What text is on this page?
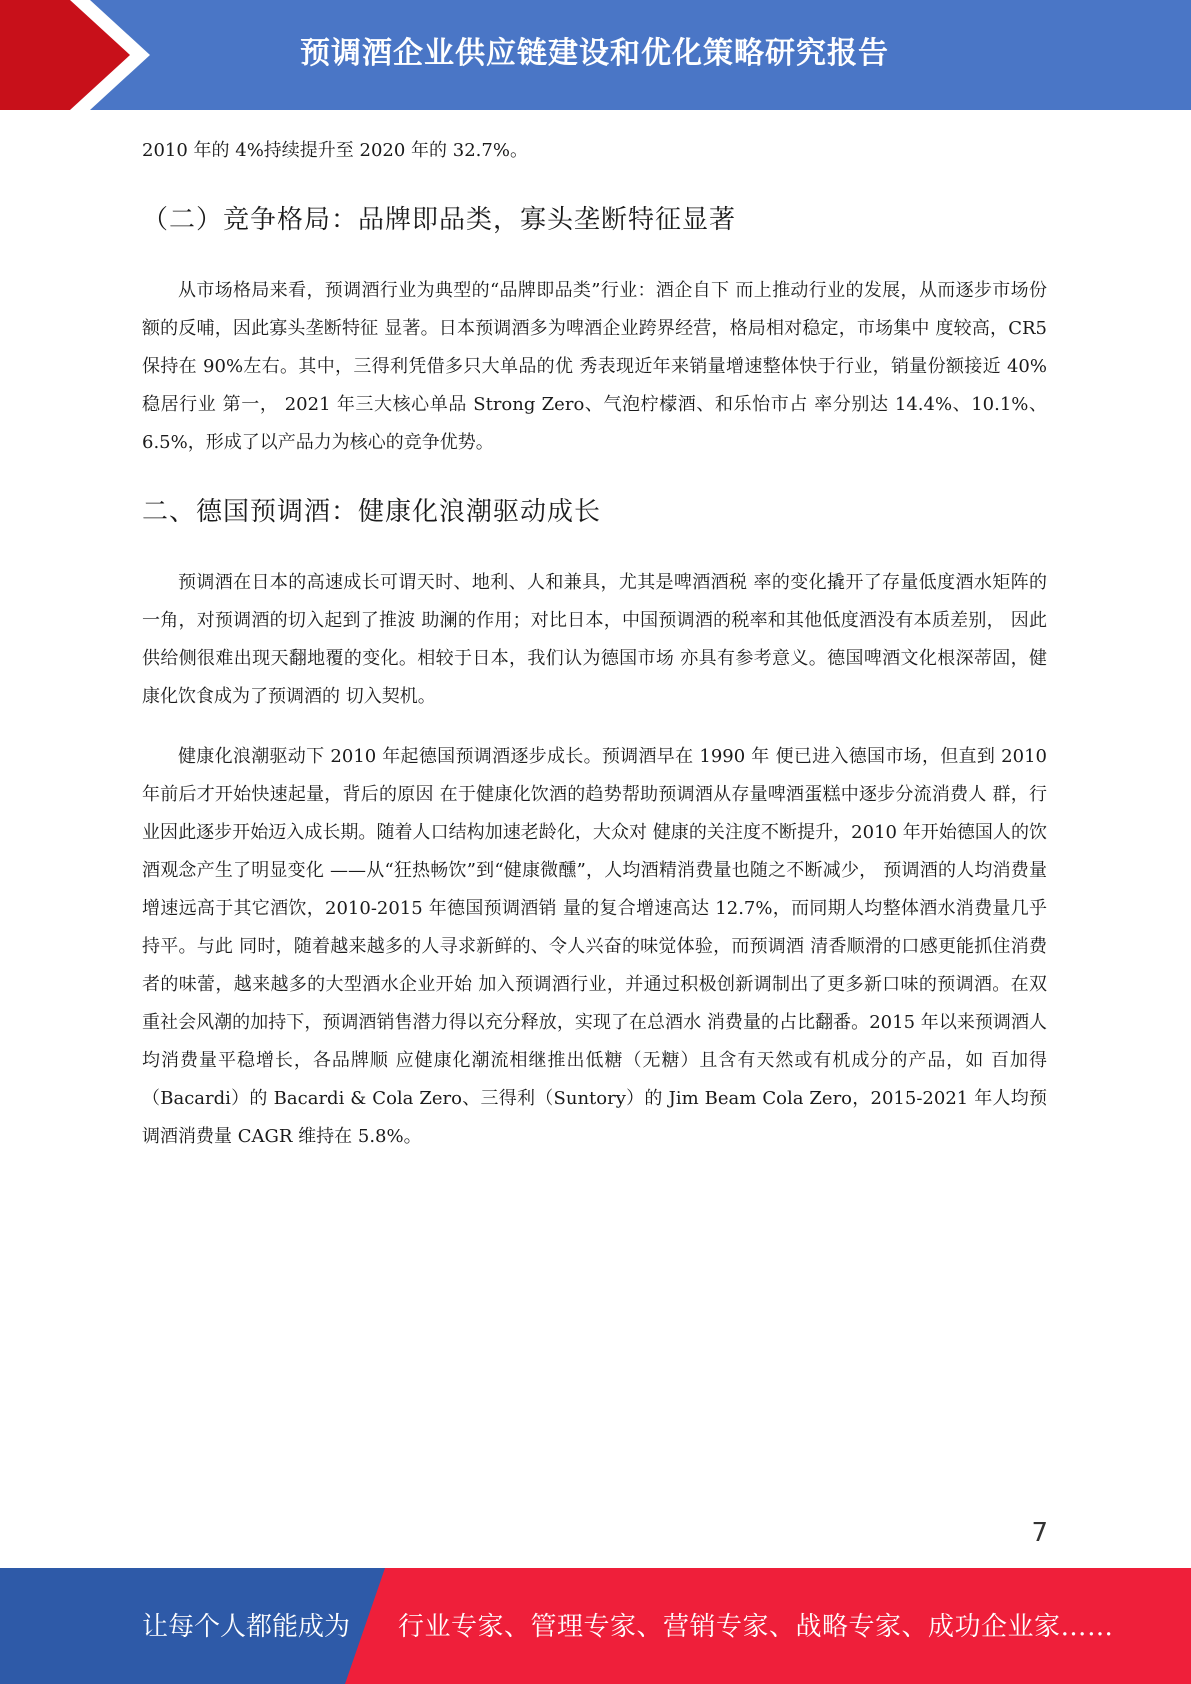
预调酒企业供应链建设和优化策略研究报告

2010 年的 4%持续提升至 2020 年的 32.7%。

（二）竞争格局：品牌即品类，寡头垄断特征显著

从市场格局来看，预调酒行业为典型的“品牌即品类”行业：酒企自下 而上推动行业的发展，从而逐步市场份额的反哺，因此寡头垄断特征 显著。日本预调酒多为啤酒企业跨界经营，格局相对稳定，市场集中 度较高，CR5 保持在 90%左右。其中，三得利凭借多只大单品的优 秀表现近年来销量增速整体快于行业，销量份额接近 40%稳居行业 第一， 2021 年三大核心单品 Strong Zero、气泡柠檬酒、和乐怡市占 率分别达 14.4%、10.1%、6.5%，形成了以产品力为核心的竞争优势。

二、德国预调酒：健康化浪潮驱动成长

预调酒在日本的高速成长可谓天时、地利、人和兼具，尤其是啤酒酒税 率的变化撬开了存量低度酒水矩阵的一角，对预调酒的切入起到了推波 助澜的作用；对比日本，中国预调酒的税率和其他低度酒没有本质差别， 因此供给侧很难出现天翻地覆的变化。相较于日本，我们认为德国市场 亦具有参考意义。德国啤酒文化根深蒂固，健康化饮食成为了预调酒的 切入契机。

健康化浪潮驱动下 2010 年起德国预调酒逐步成长。预调酒早在 1990 年 便已进入德国市场，但直到 2010 年前后才开始快速起量，背后的原因 在于健康化饮酒的趋势帮助预调酒从存量啤酒蛋糕中逐步分流消费人 群，行业因此逐步开始迈入成长期。随着人口结构加速老龄化，大众对 健康的关注度不断提升，2010 年开始德国人的饮酒观念产生了明显变化 ——从“狂热畅饮”到“健康微醺”，人均酒精消费量也随之不断减少， 预调酒的人均消费量增速远高于其它酒饮，2010-2015 年德国预调酒销 量的复合增速高达 12.7%，而同期人均整体酒水消费量几乎持平。与此 同时，随着越来越多的人寻求新鲜的、令人兴奋的味觉体验，而预调酒 清香顺滑的口感更能抓住消费者的味蕾，越来越多的大型酒水企业开始 加入预调酒行业，并通过积极创新调制出了更多新口味的预调酒。在双 重社会风潮的加持下，预调酒销售潜力得以充分释放，实现了在总酒水 消费量的占比翻番。2015 年以来预调酒人均消费量平稳增长，各品牌顺 应健康化潮流相继推出低糖（无糖）且含有天然或有机成分的产品，如 百加得（Bacardi）的 Bacardi & Cola Zero、三得利（Suntory）的 Jim Beam Cola Zero，2015-2021 年人均预调酒消费量 CAGR 维持在 5.8%。

7
让每个人都能成为 行业专家、管理专家、营销专家、战略专家、成功企业家……
